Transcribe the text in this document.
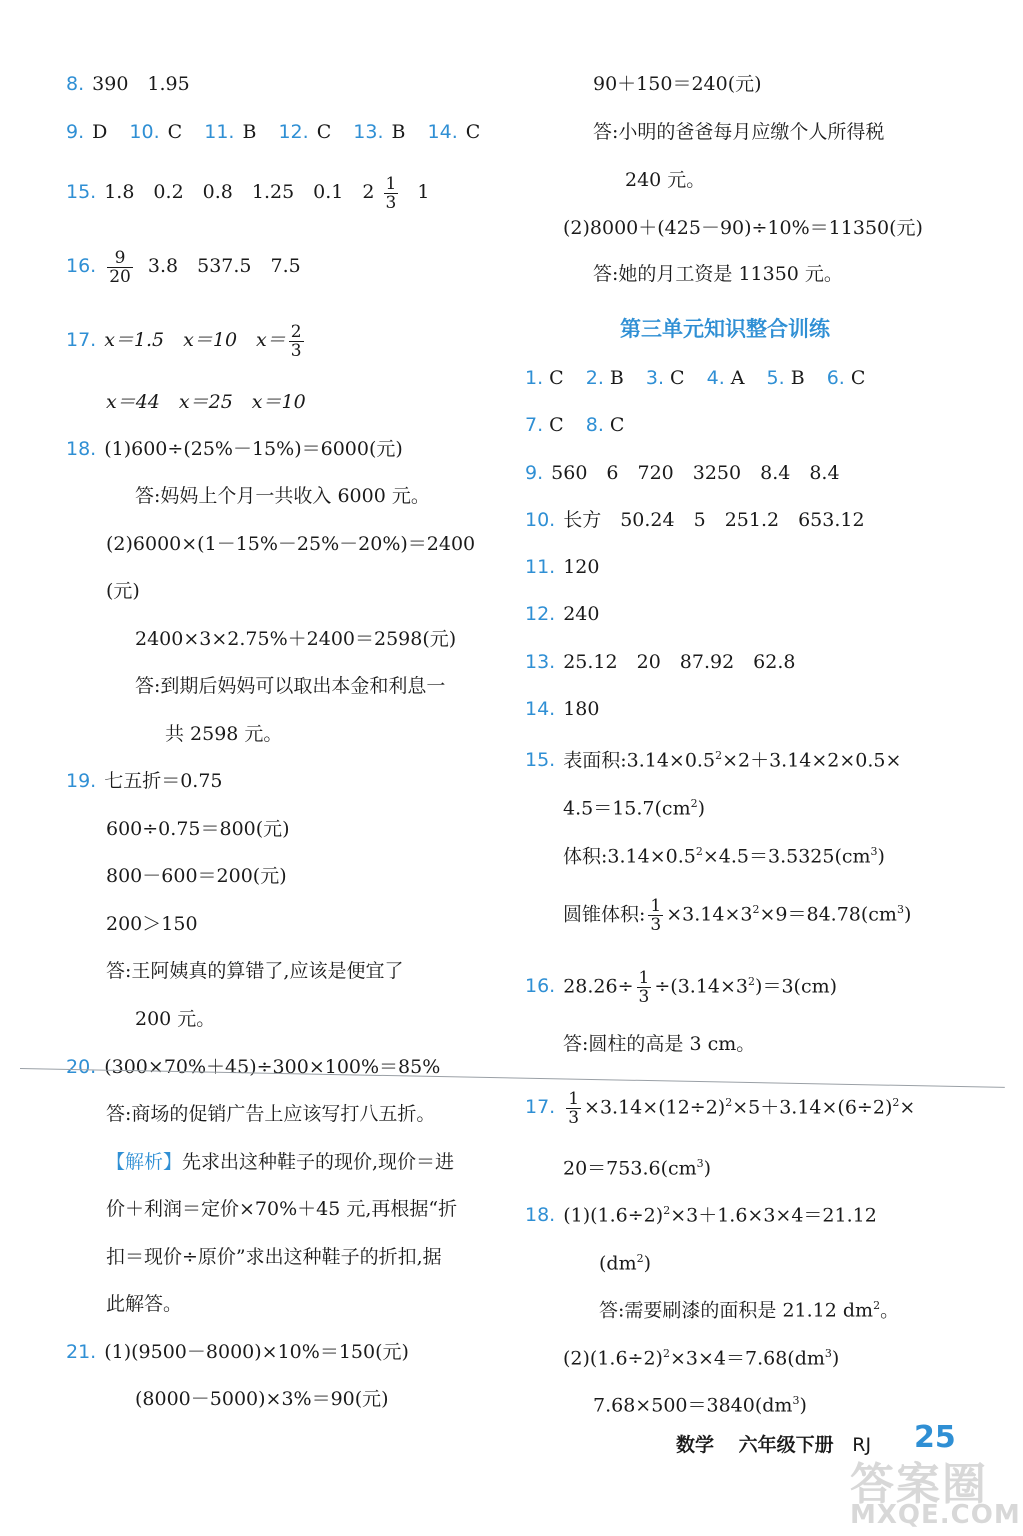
8. 390　1.95
9. D 10. C 11. B 12. C 13. B 14. C
15. 1.8　0.2　0.8　1.25　0.1　$2 \frac{1}{3} 1$
16. $\frac{9}{20} 3.8$　537.5　7.5
17. x＝1.5　x＝10　$x= \frac{2}{3}$
x＝44　x＝25　x＝10
18. (1)600÷(25%－15%)＝6000(元)
答:妈妈上个月一共收入 6000 元。
(2)6000×(1－15%－25%－20%)＝2400
(元)
2400×3×2.75%＋2400＝2598(元)
答:到期后妈妈可以取出本金和利息一
共 2598 元。
19. 七五折＝0.75
600÷0.75＝800(元)
800－600＝200(元)
200＞150
答:王阿姨真的算错了,应该是便宜了
200 元。
20. (300×70%＋45)÷300×100%＝85%
答:商场的促销广告上应该写打八五折。
【解析】先求出这种鞋子的现价,现价＝进
价＋利润＝定价×70%＋45 元,再根据“折
扣＝现价÷原价”求出这种鞋子的折扣,据
此解答。
21. (1)(9500－8000)×10%＝150(元)
(8000－5000)×3%＝90(元)
90＋150＝240(元)
答:小明的爸爸每月应缴个人所得税
240 元。
(2)8000＋(425－90)÷10%＝11350(元)
答:她的月工资是 11350 元。
1. C 2. B 3. C 4. A 5. B 6. C
7. C 8. C
9. 560　6　720　3250　8.4　8.4
10. 长方　50.24　5　251.2　653.12
11. 120
12. 240
13. 25.12　20　87.92　62.8
14. 180
15. 表面积$:3.14\times 0.5^2\times 2+3.14\times 2\times 0.5\times$
$4.5=15.7(cm^2)$
体积$:3.14\times 0.5^2\times 4.5=3.5325(cm^3)$
圆锥体积: $\frac{1}{3} \times 3.14\times 3^2\times 9=84.78(cm^3)$
16. $28.26\div \frac{1}{3} \div(3.14\times 3^2)=3(cm)$
答:圆柱的高是 3 cm。
17. $\frac{1}{3} \times 3.14\times(12\div 2)^2\times 5+3.14\times(6\div 2)^2\times$
$20=753.6(cm^3)$
18. $(1)(1.6\div 2)^2\times 3+1.6\times 3\times 4=21.12$
$(dm^2)$
答:需要刷漆的面积是 21.12 $dm^2$。
$(2)(1.6\div 2)^2\times 3\times 4=7.68(dm^3)$
$7.68\times 500=3840(dm^3)$
第三单元知识整合训练
数学 六年级下册 RJ 25
答案圈
MXQE.COM
